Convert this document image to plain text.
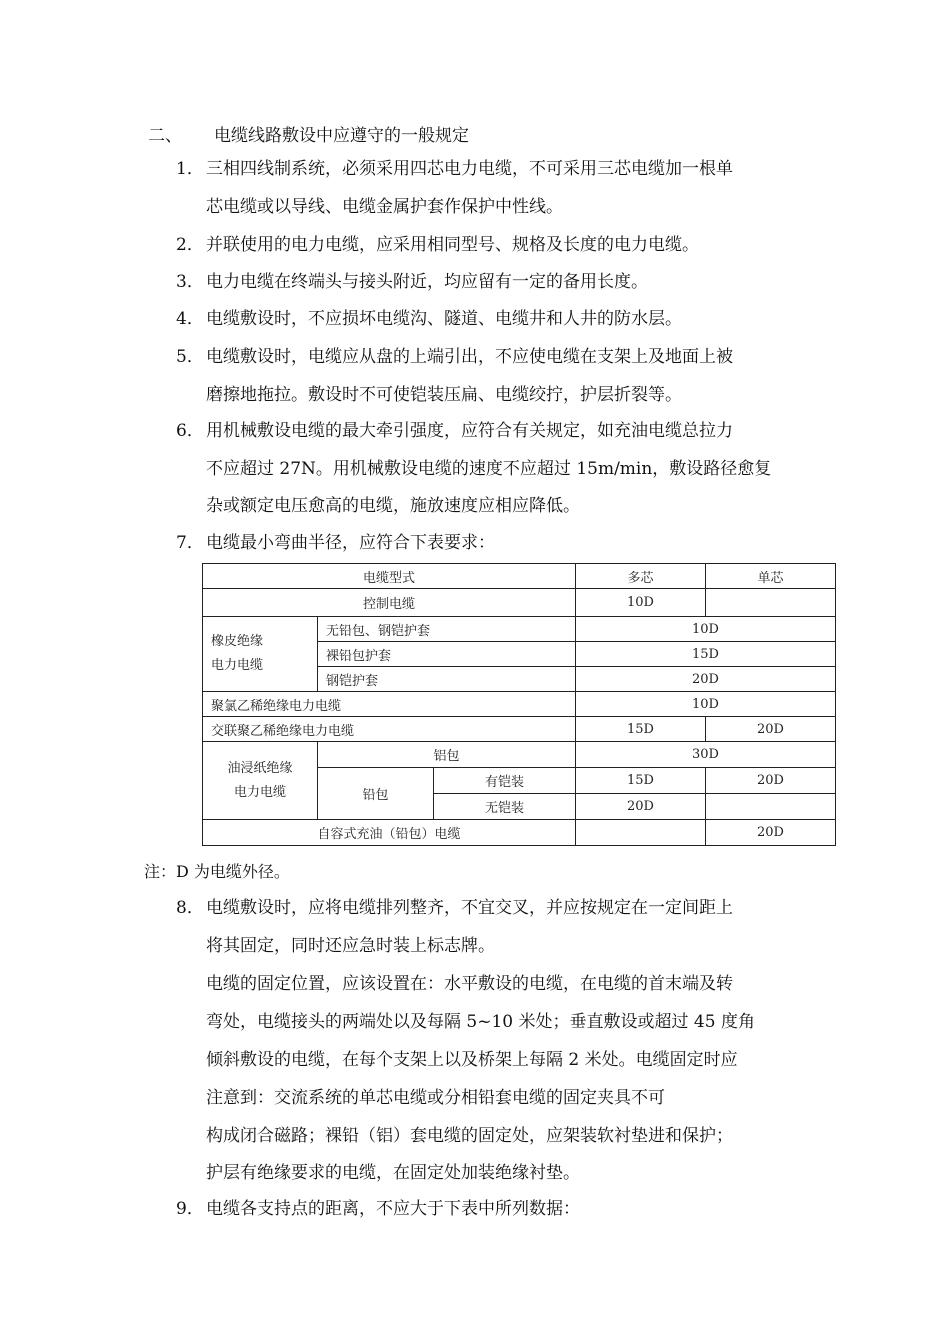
二、 电缆线路敷设中应遵守的一般规定
1． 三相四线制系统，必须采用四芯电力电缆，不可采用三芯电缆加一根单
芯电缆或以导线、电缆金属护套作保护中性线。
2． 并联使用的电力电缆，应采用相同型号、规格及长度的电力电缆。
3． 电力电缆在终端头与接头附近，均应留有一定的备用长度。
4． 电缆敷设时，不应损坏电缆沟、隧道、电缆井和人井的防水层。
5． 电缆敷设时，电缆应从盘的上端引出，不应使电缆在支架上及地面上被
磨擦地拖拉。敷设时不可使铠装压扁、电缆绞拧，护层折裂等。
6． 用机械敷设电缆的最大牵引强度，应符合有关规定，如充油电缆总拉力
不应超过 27N。用机械敷设电缆的速度不应超过 15m/min，敷设路径愈复
杂或额定电压愈高的电缆，施放速度应相应降低。
7． 电缆最小弯曲半径，应符合下表要求：
电缆型式			多芯	单芯
控制电缆			10D	
橡皮绝缘
电力电缆	无铅包、钢铠护套		10D	
	裸铅包护套		15D	
	钢铠护套		20D	
聚氯乙稀绝缘电力电缆			10D	
交联聚乙稀绝缘电力电缆			15D	20D
油浸纸绝缘
电力电缆	铝包		30D	
	铅包	有铠装	15D	20D
		无铠装	20D	
自容式充油（铅包）电缆				20D
注：D 为电缆外径。
8． 电缆敷设时，应将电缆排列整齐，不宜交叉，并应按规定在一定间距上
将其固定，同时还应急时装上标志牌。
电缆的固定位置，应该设置在：水平敷设的电缆，在电缆的首末端及转
弯处，电缆接头的两端处以及每隔 5~10 米处；垂直敷设或超过 45 度角
倾斜敷设的电缆，在每个支架上以及桥架上每隔 2 米处。电缆固定时应
注意到：交流系统的单芯电缆或分相铅套电缆的固定夹具不可
构成闭合磁路；裸铅（铝）套电缆的固定处，应架装软衬垫进和保护；
护层有绝缘要求的电缆，在固定处加装绝缘衬垫。
9． 电缆各支持点的距离，不应大于下表中所列数据：
